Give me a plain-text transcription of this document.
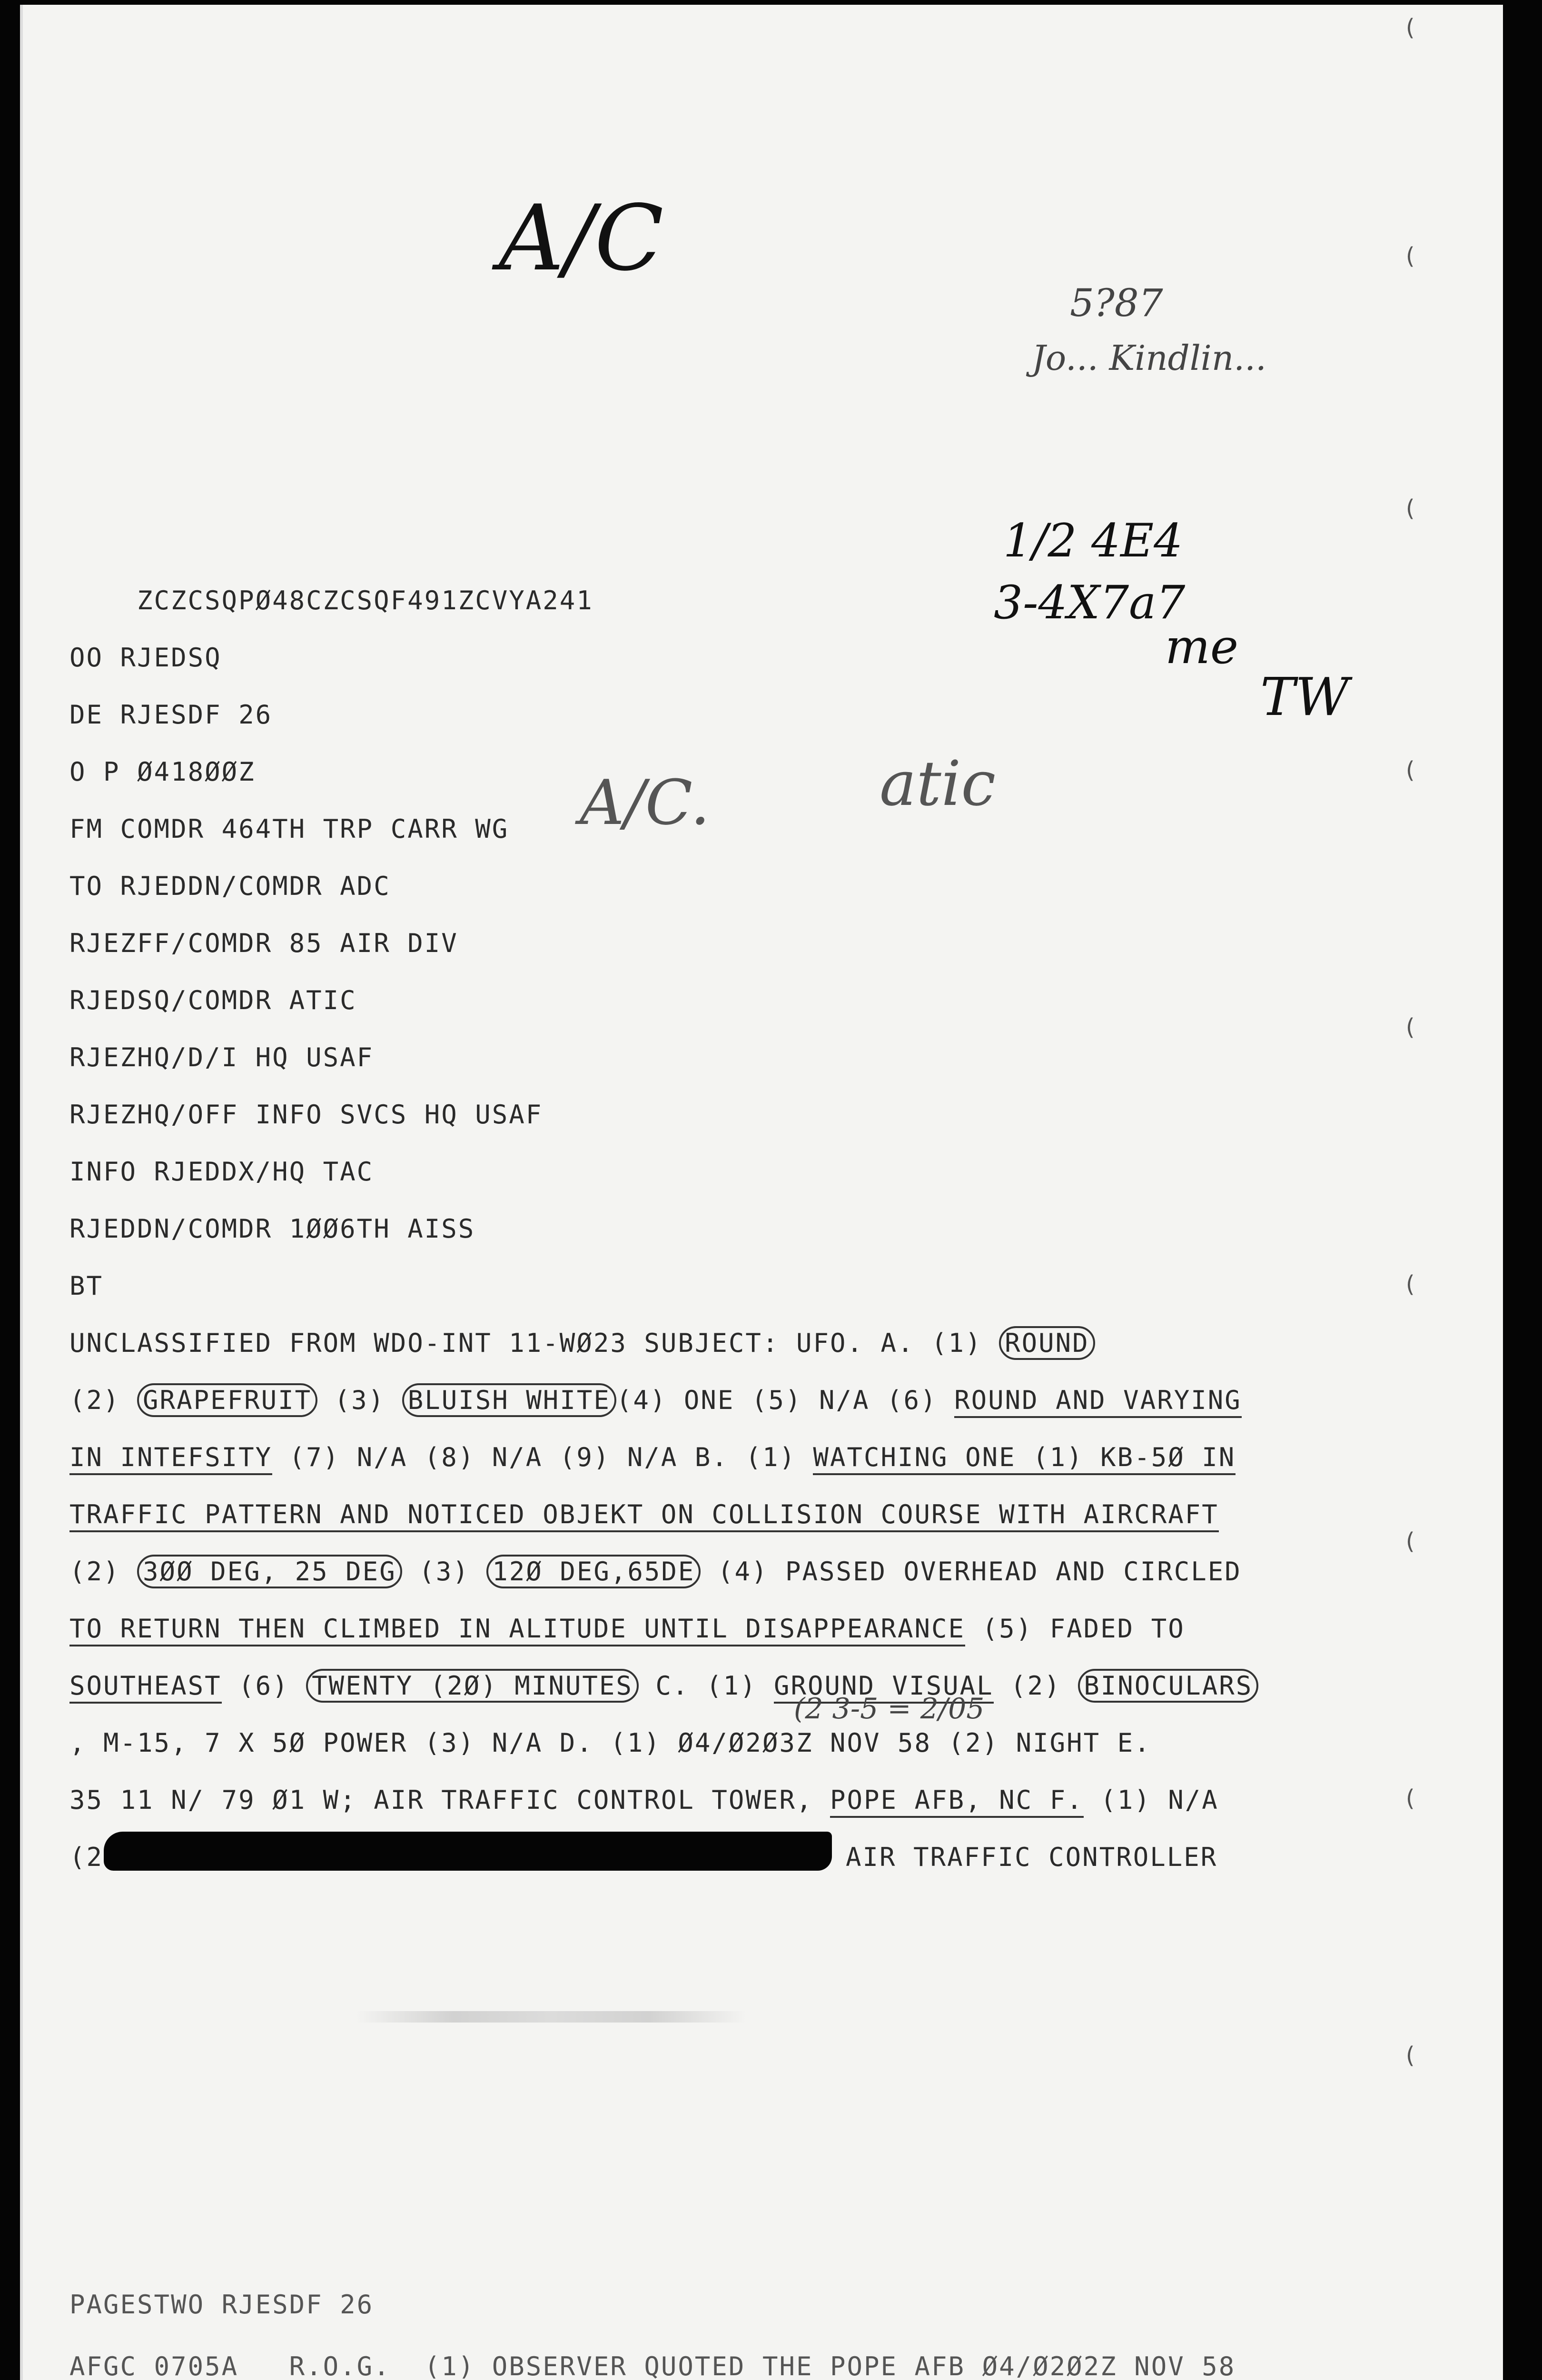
(
(
(
(
(
(
(
(
(
A/C
5?87
Jo... Kindlin...
1/2 4E4
3-4X7a7
me
TW
A/C.	atic
ZCZCSQPØ48CZCSQF491ZCVYA241
OO RJEDSQ
DE RJESDF 26
O P Ø418ØØZ
FM COMDR 464TH TRP CARR WG
TO RJEDDN/COMDR ADC
RJEZFF/COMDR 85 AIR DIV
RJEDSQ/COMDR ATIC
RJEZHQ/D/I HQ USAF
RJEZHQ/OFF INFO SVCS HQ USAF
INFO RJEDDX/HQ TAC
RJEDDN/COMDR 1ØØ6TH AISS
BT
UNCLASSIFIED FROM WDO-INT 11-WØ23 SUBJECT: UFO. A. (1) ROUND
(2) GRAPEFRUIT (3) BLUISH WHITE (4) ONE (5) N/A (6) ROUND AND VARYING
IN INTEFSITY (7) N/A (8) N/A (9) N/A B. (1) WATCHING ONE (1) KB-5Ø IN
TRAFFIC PATTERN AND NOTICED OBJEKT ON COLLISION COURSE WITH AIRCRAFT
(2) 3ØØ DEG, 25 DEG (3) 12Ø DEG,65DE (4) PASSED OVERHEAD AND CIRCLED
TO RETURN THEN CLIMBED IN ALITUDE UNTIL DISAPPEARANCE (5) FADED TO
SOUTHEAST (6) TWENTY (2Ø) MINUTES C. (1) GROUND VISUAL (2) BINOCULARS
(2 3-5 = 2/05
, M-15, 7 X 5Ø POWER (3) N/A D. (1) Ø4/Ø2Ø3Z NOV 58 (2) NIGHT E.
35 11 N/ 79 Ø1 W; AIR TRAFFIC CONTROL TOWER, POPE AFB, NC F. (1) N/A
(2	AIR TRAFFIC CONTROLLER
PAGESTWO RJESDF 26
AFGC 0705A   R.O.G.  (1) OBSERVER QUOTED THE POPE AFB Ø4/Ø2Ø2Z NOV 58
